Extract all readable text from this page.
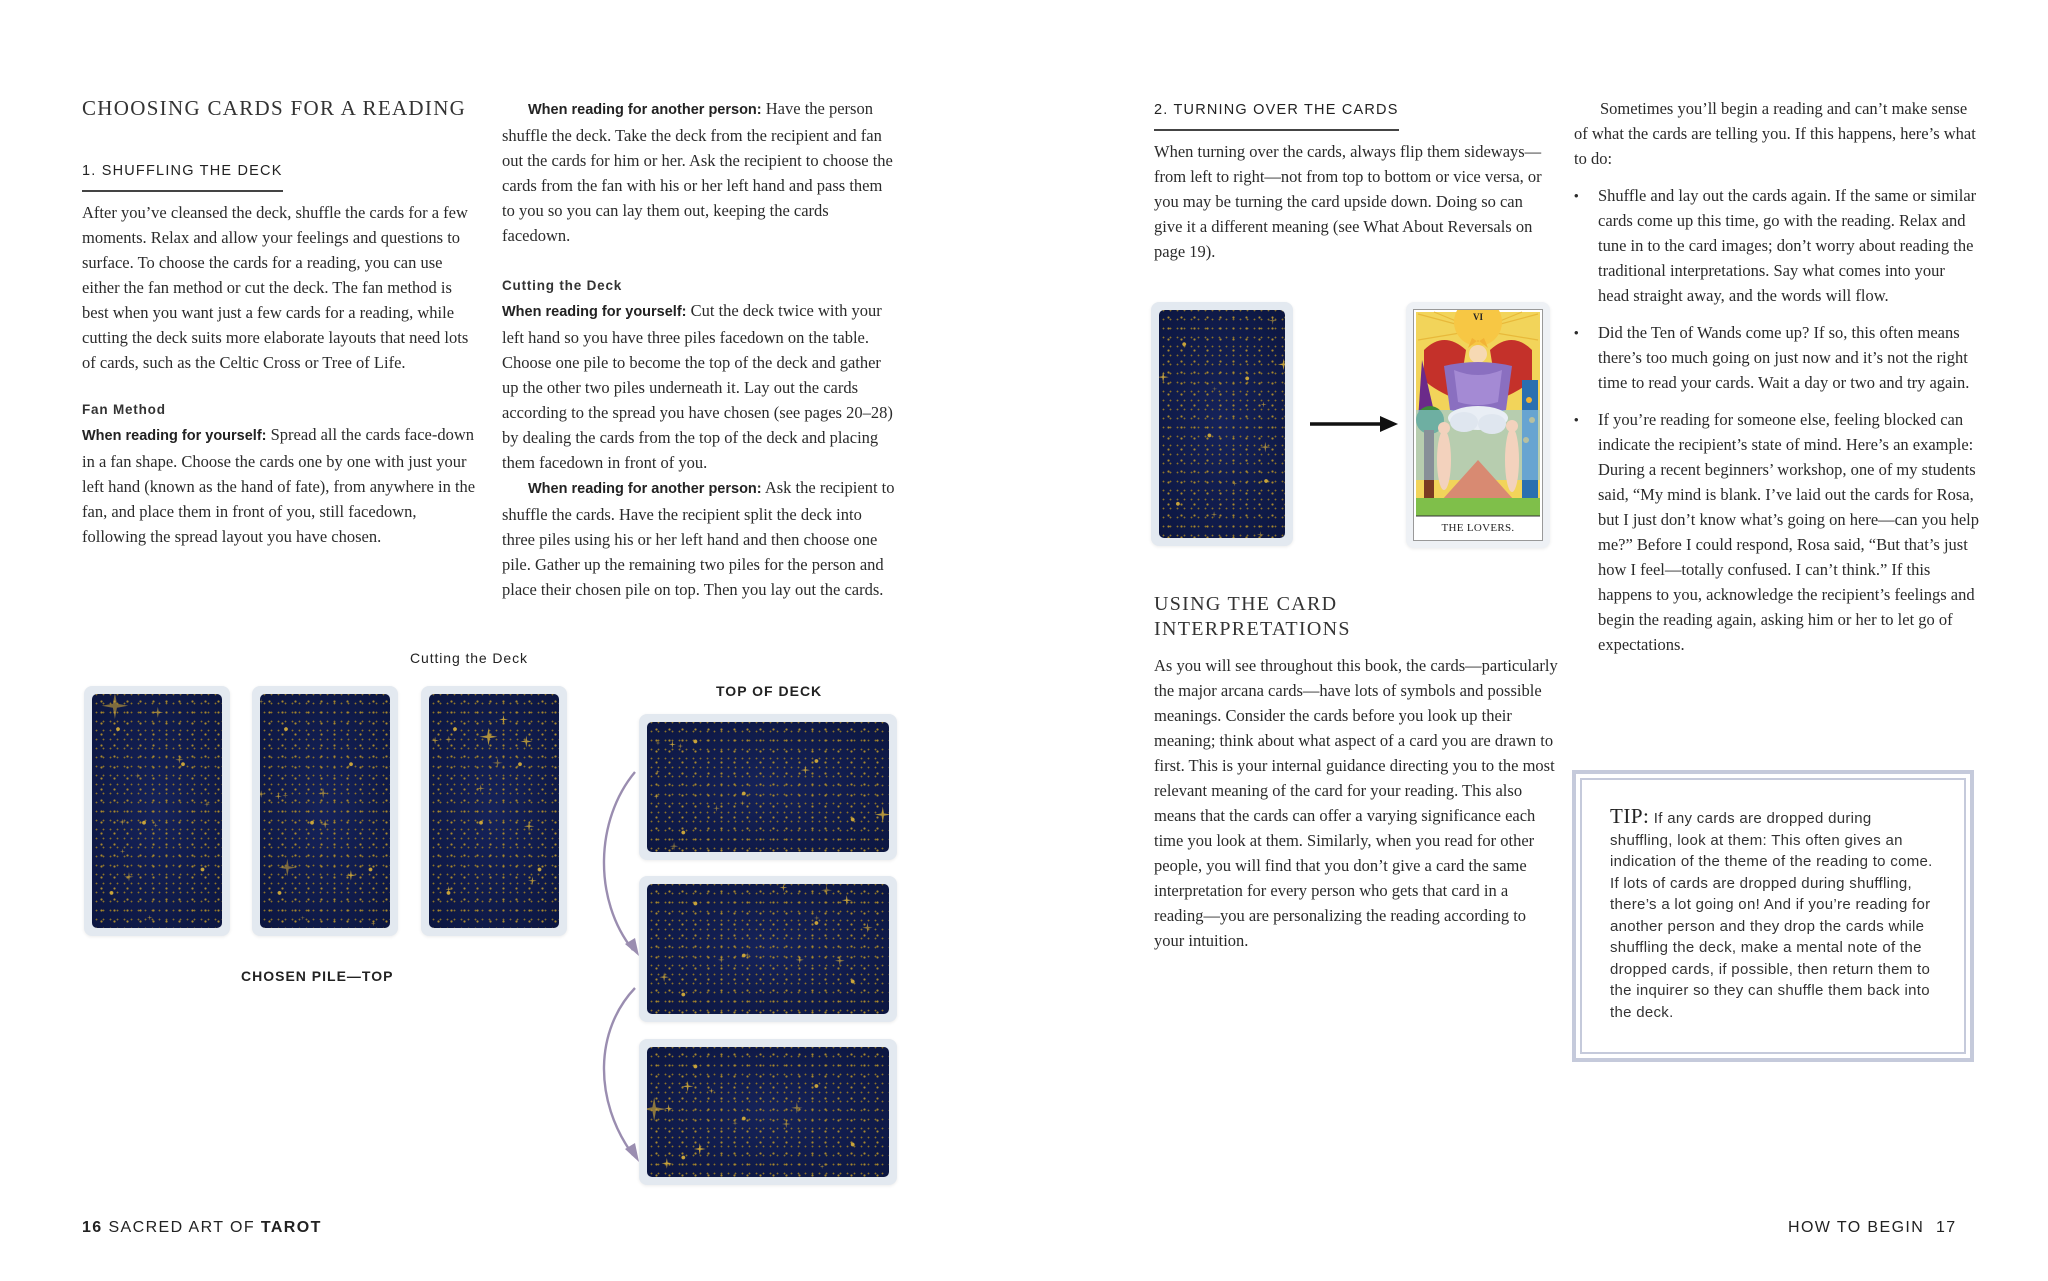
CHOOSING CARDS FOR A READING
1. SHUFFLING THE DECK

After you’ve cleansed the deck, shuffle the cards for a few moments. Relax and allow your feelings and questions to surface. To choose the cards for a reading, you can use either the fan method or cut the deck. The fan method is best when you want just a few cards for a reading, while cutting the deck suits more elaborate layouts that need lots of cards, such as the Celtic Cross or Tree of Life.

Fan Method

When reading for yourself: Spread all the cards face-down in a fan shape. Choose the cards one by one with just your left hand (known as the hand of fate), from anywhere in the fan, and place them in front of you, still facedown, following the spread layout you have chosen.

When reading for another person: Have the person shuffle the deck. Take the deck from the recipient and fan out the cards for him or her. Ask the recipient to choose the cards from the fan with his or her left hand and pass them to you so you can lay them out, keeping the cards facedown.

Cutting the Deck

When reading for yourself: Cut the deck twice with your left hand so you have three piles facedown on the table. Choose one pile to become the top of the deck and gather up the other two piles underneath it. Lay out the cards according to the spread you have chosen (see pages 20–28) by dealing the cards from the top of the deck and placing them facedown in front of you.

When reading for another person: Ask the recipient to shuffle the cards. Have the recipient split the deck into three piles using his or her left hand and then choose one pile. Gather up the remaining two piles for the person and place their chosen pile on top. Then you lay out the cards.

Cutting the Deck
CHOSEN PILE—TOP
TOP OF DECK
16 SACRED ART OF TAROT
2. TURNING OVER THE CARDS

When turning over the cards, always flip them sideways—from left to right—not from top to bottom or vice versa, or you may be turning the card upside down. Doing so can give it a different meaning (see What About Reversals on page 19).

VI
THE LOVERS.
USING THE CARD
INTERPRETATIONS

As you will see throughout this book, the cards—particularly the major arcana cards—have lots of symbols and possible meanings. Consider the cards before you look up their meaning; think about what aspect of a card you are drawn to first. This is your internal guidance directing you to the most relevant meaning of the card for your reading. This also means that the cards can offer a varying significance each time you look at them. Similarly, when you read for other people, you will find that you don’t give a card the same interpretation for every person who gets that card in a reading—you are personalizing the reading according to your intuition.

Sometimes you’ll begin a reading and can’t make sense of what the cards are telling you. If this happens, here’s what to do:

• Shuffle and lay out the cards again. If the same or similar cards come up this time, go with the reading. Relax and tune in to the card images; don’t worry about reading the traditional interpretations. Say what comes into your head straight away, and the words will flow.
• Did the Ten of Wands come up? If so, this often means there’s too much going on just now and it’s not the right time to read your cards. Wait a day or two and try again.
• If you’re reading for someone else, feeling blocked can indicate the recipient’s state of mind. Here’s an example: During a recent beginners’ workshop, one of my students said, “My mind is blank. I’ve laid out the cards for Rosa, but I just don’t know what’s going on here—can you help me?” Before I could respond, Rosa said, “But that’s just how I feel—totally confused. I can’t think.” If this happens to you, acknowledge the recipient’s feelings and begin the reading again, asking him or her to let go of expectations.
TIP: If any cards are dropped during shuffling, look at them: This often gives an indication of the theme of the reading to come. If lots of cards are dropped during shuffling, there’s a lot going on! And if you’re reading for another person and they drop the cards while shuffling the deck, make a mental note of the dropped cards, if possible, then return them to the inquirer so they can shuffle them back into the deck.
HOW TO BEGIN 17
